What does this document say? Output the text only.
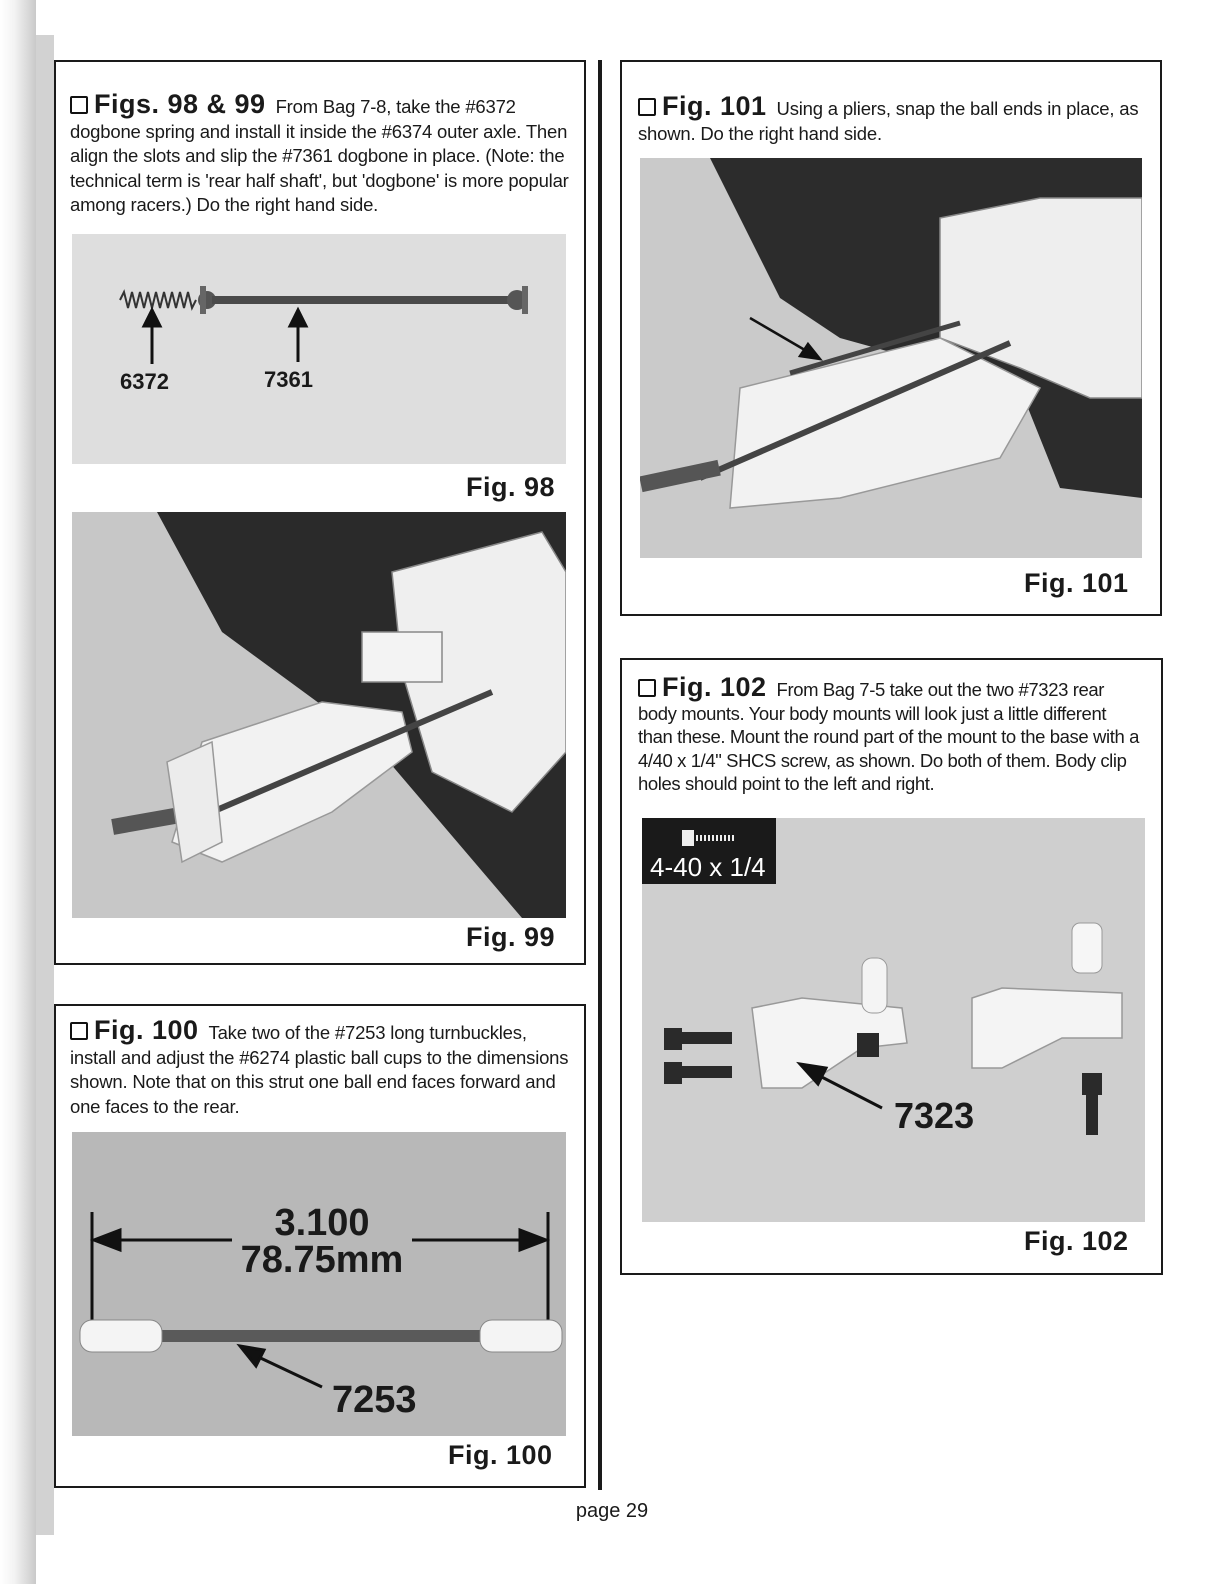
Figs. 98 & 99 From Bag 7-8, take the #6372 dogbone spring and install it inside the #6374 outer axle. Then align the slots and slip the #7361 dogbone in place. (Note: the technical term is 'rear half shaft', but 'dogbone' is more popular among racers.) Do the right hand side.
6372	7361
Fig. 98
Fig. 99
Fig. 100 Take two of the #7253 long turnbuckles, install and adjust the #6274 plastic ball cups to the dimensions shown. Note that on this strut one ball end faces forward and one faces to the rear.
3.100
78.75mm
7253
Fig. 100
Fig. 101 Using a pliers, snap the ball ends in place, as shown. Do the right hand side.
Fig. 101
Fig. 102 From Bag 7-5 take out the two #7323 rear body mounts. Your body mounts will look just a little different than these. Mount the round part of the mount to the base with a 4/40 x 1/4" SHCS screw, as shown. Do both of them. Body clip holes should point to the left and right.
4-40 x 1/4
7323
Fig. 102
page 29
